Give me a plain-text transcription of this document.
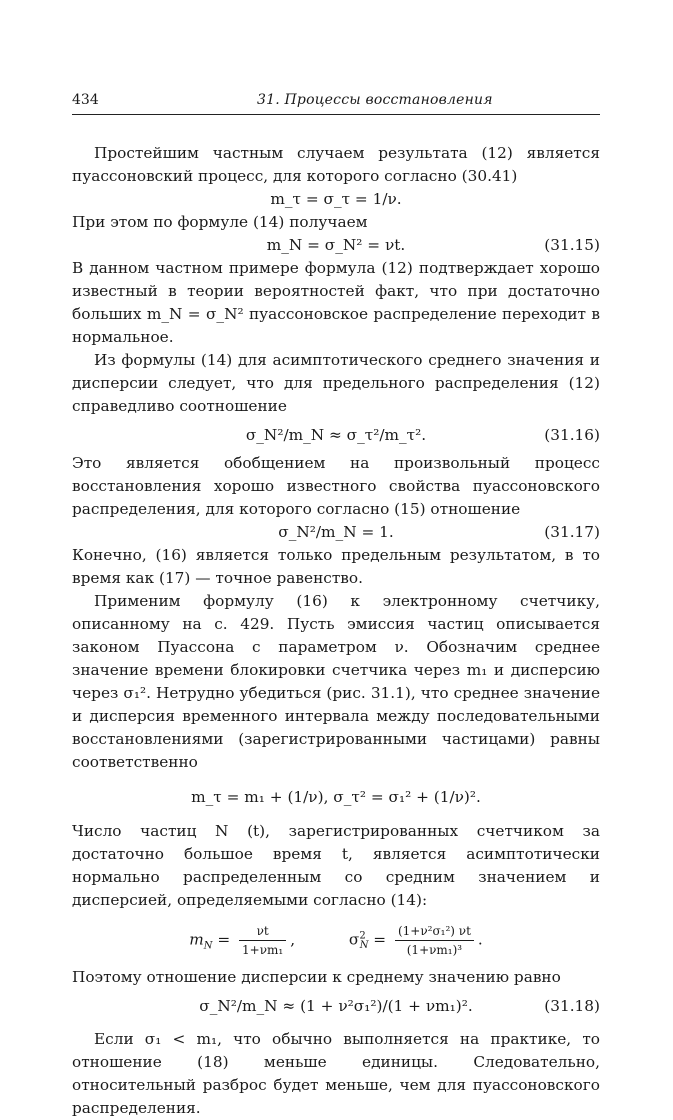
434	31. Процессы восстановления

Простейшим частным случаем результата (12) является пуассоновский процесс, для которого согласно (30.41)

m_τ = σ_τ = 1/ν.

При этом по формуле (14) получаем

m_N = σ_N² = νt.	(31.15)

В данном частном примере формула (12) подтверждает хорошо известный в теории вероятностей факт, что при достаточно больших m_N = σ_N² пуассоновское распределение переходит в нормальное.

Из формулы (14) для асимптотического среднего значения и дисперсии следует, что для предельного распределения (12) справедливо соотношение

σ_N²/m_N ≈ σ_τ²/m_τ².	(31.16)

Это является обобщением на произвольный процесс восстановления хорошо известного свойства пуассоновского распределения, для которого согласно (15) отношение

σ_N²/m_N = 1.	(31.17)

Конечно, (16) является только предельным результатом, в то время как (17) — точное равенство.

Применим формулу (16) к электронному счетчику, описанному на с. 429. Пусть эмиссия частиц описывается законом Пуассона с параметром ν. Обозначим среднее значение времени блокировки счетчика через m₁ и дисперсию через σ₁². Нетрудно убедиться (рис. 31.1), что среднее значение и дисперсия временного интервала между последовательными восстановлениями (зарегистрированными частицами) равны соответственно

m_τ = m₁ + (1/ν), σ_τ² = σ₁² + (1/ν)².

Число частиц N (t), зарегистрированных счетчиком за достаточно большое время t, является асимптотически нормально распределенным со средним значением и дисперсией, определяемыми согласно (14):

$m_N = \frac{\nu t}{\text{1+νm₁}}$ ,	$\sigma^2_N = \frac{\text{(1+ν²σ₁²) νt}}{\text{(1+νm₁)³}}$ .

Поэтому отношение дисперсии к среднему значению равно

σ_N²/m_N ≈ (1 + ν²σ₁²)/(1 + νm₁)².	(31.18)

Если σ₁ < m₁, что обычно выполняется на практике, то отношение (18) меньше единицы. Следовательно, относительный разброс будет меньше, чем для пуассоновского распределения.
